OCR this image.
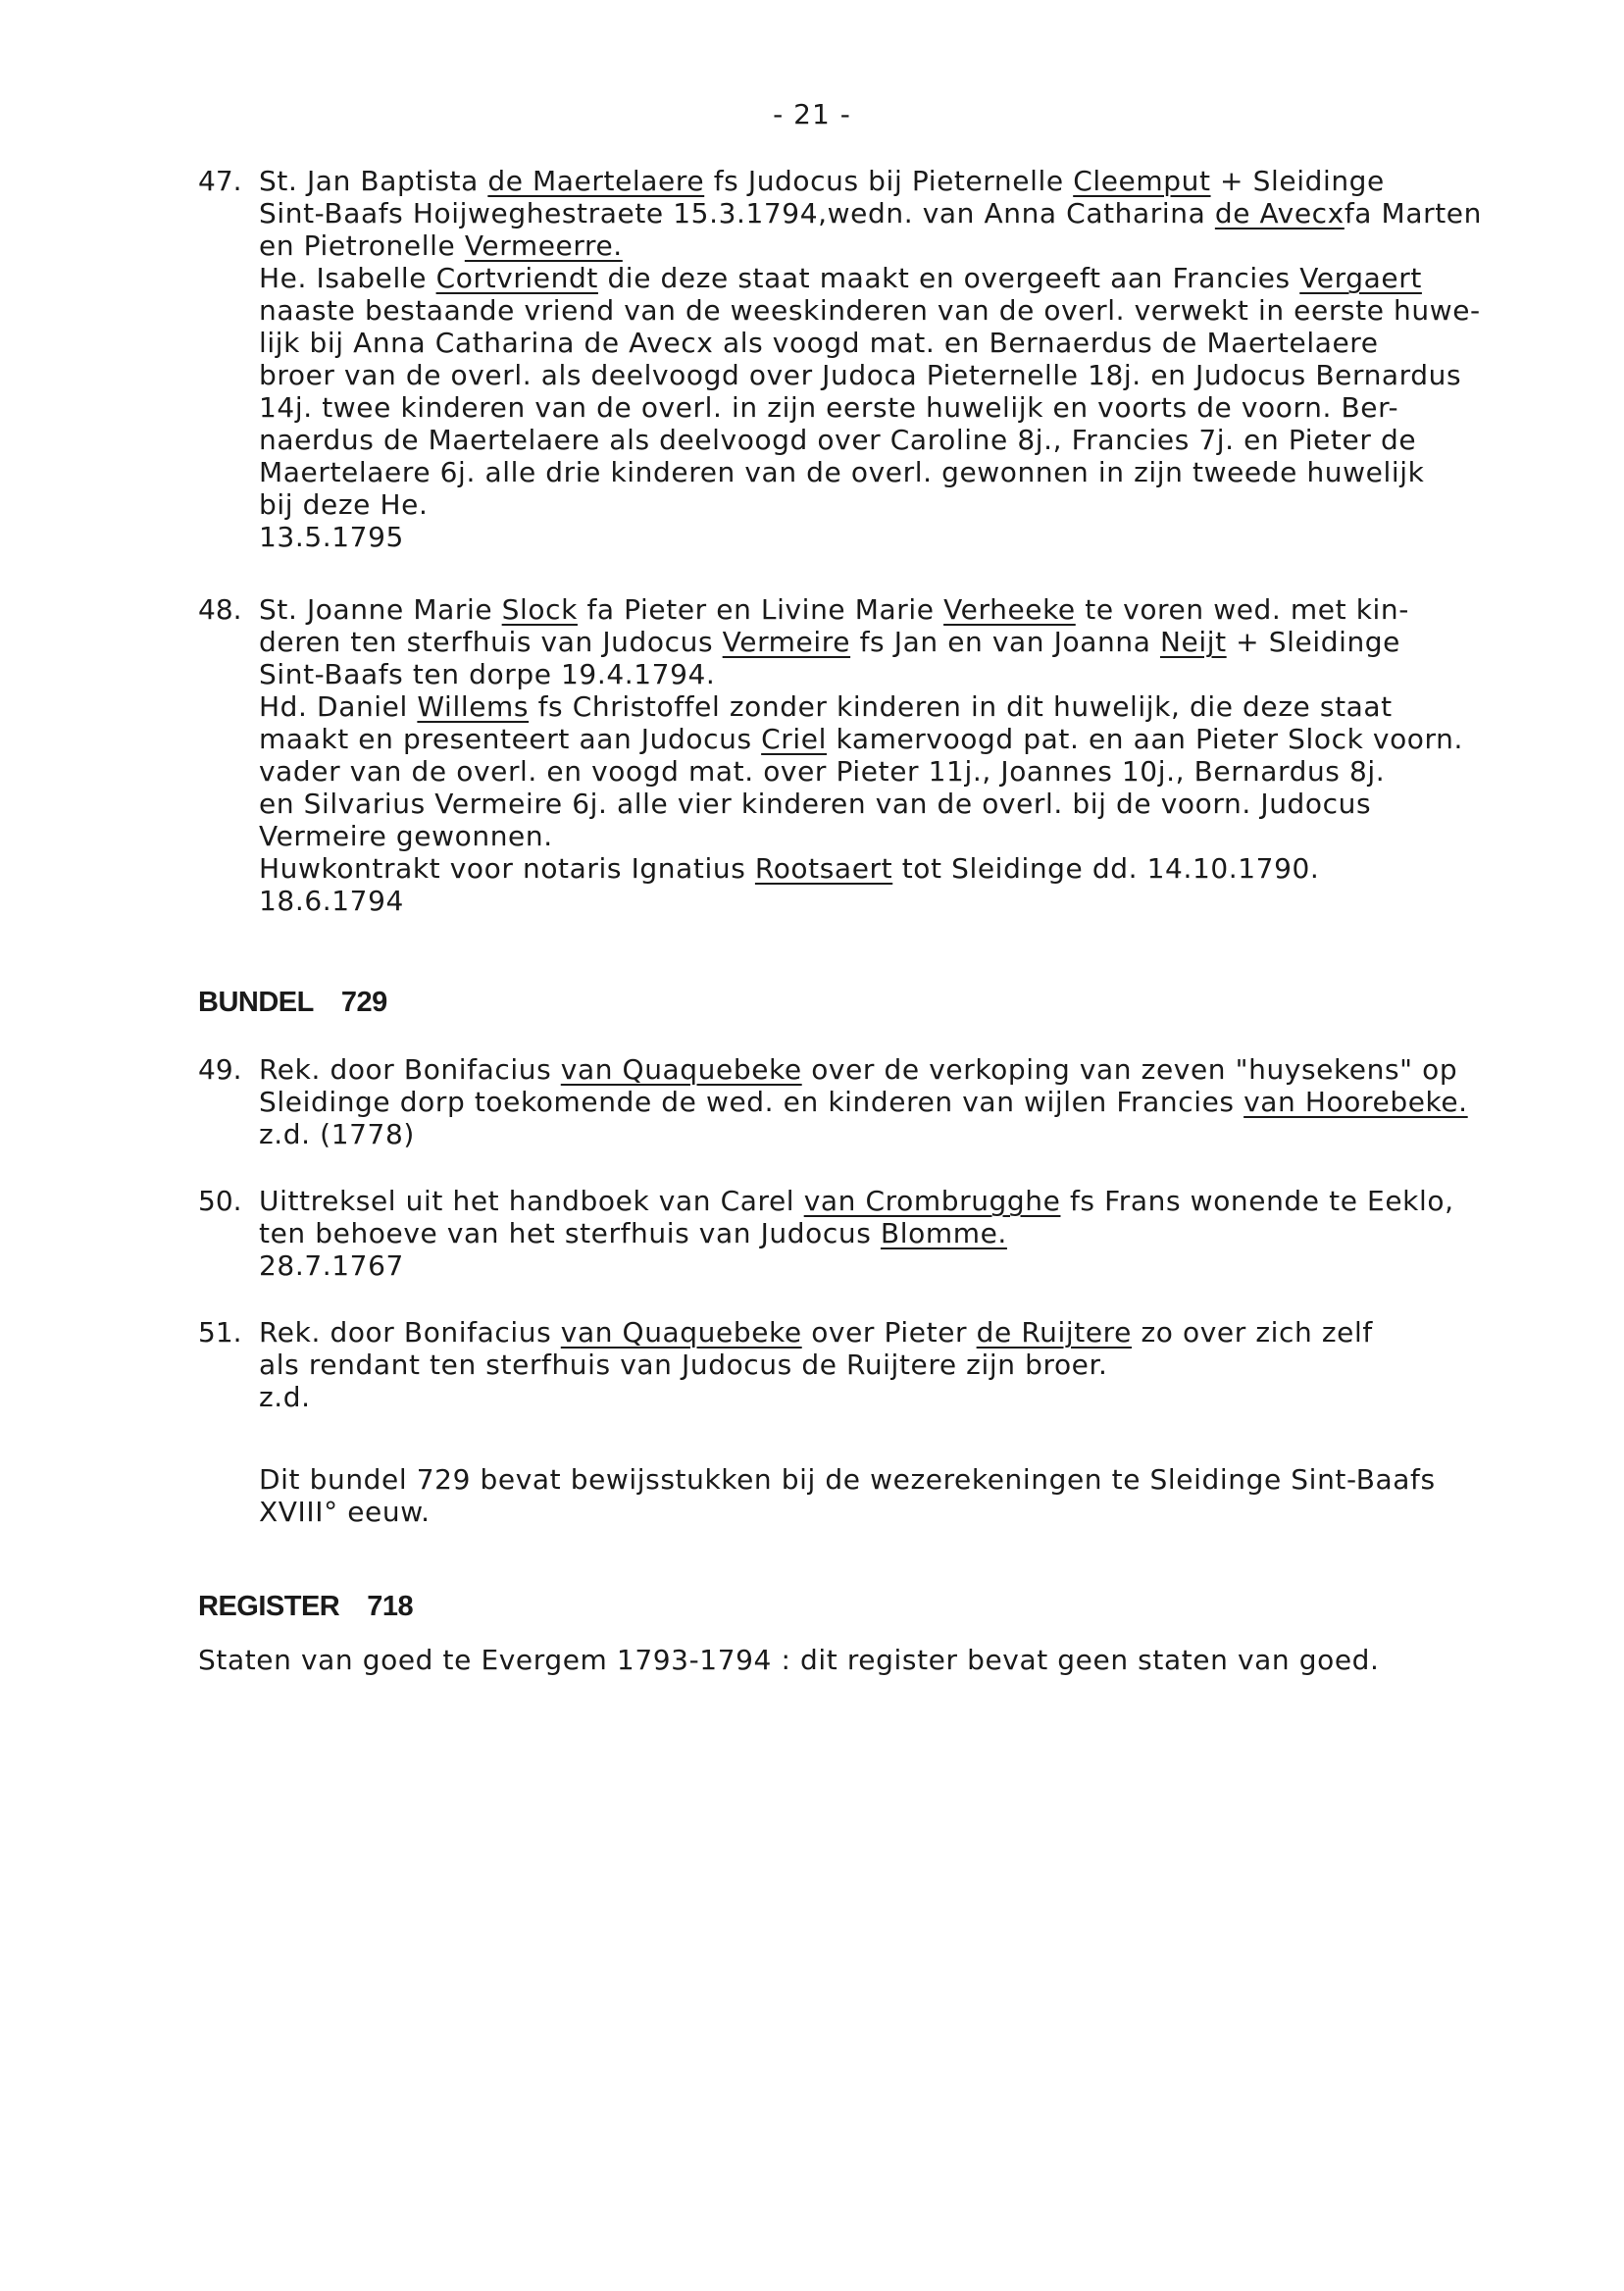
- 21 -
47. St. Jan Baptista de Maertelaere fs Judocus bij Pieternelle Cleemput + Sleidinge
Sint-Baafs Hoijweghestraete 15.3.1794,wedn. van Anna Catharina de Avecxfa Marten
en Pietronelle Vermeerre.
He. Isabelle Cortvriendt die deze staat maakt en overgeeft aan Francies Vergaert
naaste bestaande vriend van de weeskinderen van de overl. verwekt in eerste huwe-
lijk bij Anna Catharina de Avecx als voogd mat. en Bernaerdus de Maertelaere
broer van de overl. als deelvoogd over Judoca Pieternelle 18j. en Judocus Bernardus
14j. twee kinderen van de overl. in zijn eerste huwelijk en voorts de voorn. Ber-
naerdus de Maertelaere als deelvoogd over Caroline 8j., Francies 7j. en Pieter de
Maertelaere 6j. alle drie kinderen van de overl. gewonnen in zijn tweede huwelijk
bij deze He.
13.5.1795
48. St. Joanne Marie Slock fa Pieter en Livine Marie Verheeke te voren wed. met kin-
deren ten sterfhuis van Judocus Vermeire fs Jan en van Joanna Neijt + Sleidinge
Sint-Baafs ten dorpe 19.4.1794.
Hd. Daniel Willems fs Christoffel zonder kinderen in dit huwelijk, die deze staat
maakt en presenteert aan Judocus Criel kamervoogd pat. en aan Pieter Slock voorn.
vader van de overl. en voogd mat. over Pieter 11j., Joannes 10j., Bernardus 8j.
en Silvarius Vermeire 6j. alle vier kinderen van de overl. bij de voorn. Judocus
Vermeire gewonnen.
Huwkontrakt voor notaris Ignatius Rootsaert tot Sleidinge dd. 14.10.1790.
18.6.1794
BUNDEL 729
49. Rek. door Bonifacius van Quaquebeke over de verkoping van zeven "huysekens" op
Sleidinge dorp toekomende de wed. en kinderen van wijlen Francies van Hoorebeke.
z.d. (1778)
50. Uittreksel uit het handboek van Carel van Crombrugghe fs Frans wonende te Eeklo,
ten behoeve van het sterfhuis van Judocus Blomme.
28.7.1767
51. Rek. door Bonifacius van Quaquebeke over Pieter de Ruijtere zo over zich zelf
als rendant ten sterfhuis van Judocus de Ruijtere zijn broer.
z.d.
Dit bundel 729 bevat bewijsstukken bij de wezerekeningen te Sleidinge Sint-Baafs
XVIII° eeuw.
REGISTER 718
Staten van goed te Evergem 1793-1794 : dit register bevat geen staten van goed.
